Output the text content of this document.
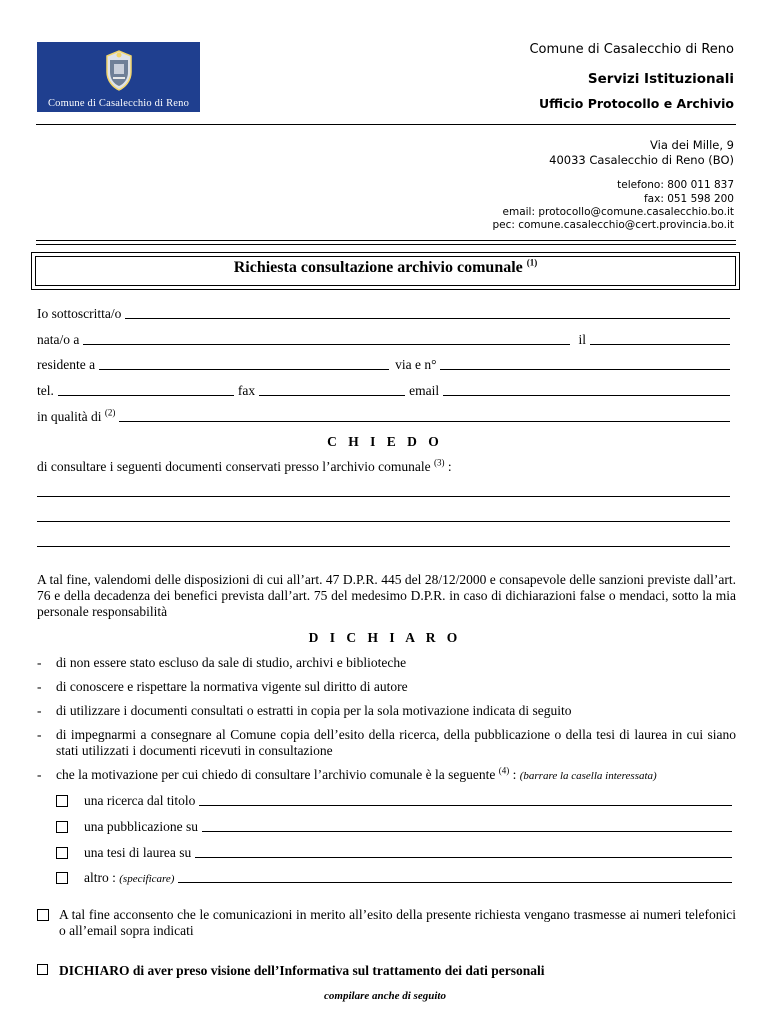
Comune di Casalecchio di Reno
Comune di Casalecchio di Reno
Servizi Istituzionali
Ufficio Protocollo e Archivio
Via dei Mille, 9
40033 Casalecchio di Reno (BO)
telefono: 800 011 837
fax: 051 598 200
email: protocollo@comune.casalecchio.bo.it
pec: comune.casalecchio@cert.provincia.bo.it
Richiesta consultazione archivio comunale $^{(1)}$
Io sottoscritta/o
nata/o a	il
residente a	via e n°
tel.	fax	email
in qualità di $^{(2)}$
C H I E D O
di consultare i seguenti documenti conservati presso l’archivio comunale $^{(3)}$ :
A tal fine, valendomi delle disposizioni di cui all’art. 47 D.P.R. 445 del 28/12/2000 e consapevole delle sanzioni previste dall’art. 76 e della decadenza dei benefici prevista dall’art. 75 del medesimo D.P.R. in caso di dichiarazioni false o mendaci, sotto la mia personale responsabilità
D I C H I A R O
- di non essere stato escluso da sale di studio, archivi e biblioteche
- di conoscere e rispettare la normativa vigente sul diritto di autore
- di utilizzare i documenti consultati o estratti in copia per la sola motivazione indicata di seguito
- di impegnarmi a consegnare al Comune copia dell’esito della ricerca, della pubblicazione o della tesi di laurea in cui siano stati utilizzati i documenti ricevuti in consultazione
- che la motivazione per cui chiedo di consultare l’archivio comunale è la seguente $^{(4)}$ : (barrare la casella interessata)
una ricerca dal titolo
una pubblicazione su
una tesi di laurea su
altro : (specificare)
A tal fine acconsento che le comunicazioni in merito all’esito della presente richiesta vengano trasmesse ai numeri telefonici o all’email sopra indicati
DICHIARO di aver preso visione dell’Informativa sul trattamento dei dati personali
compilare anche di seguito
